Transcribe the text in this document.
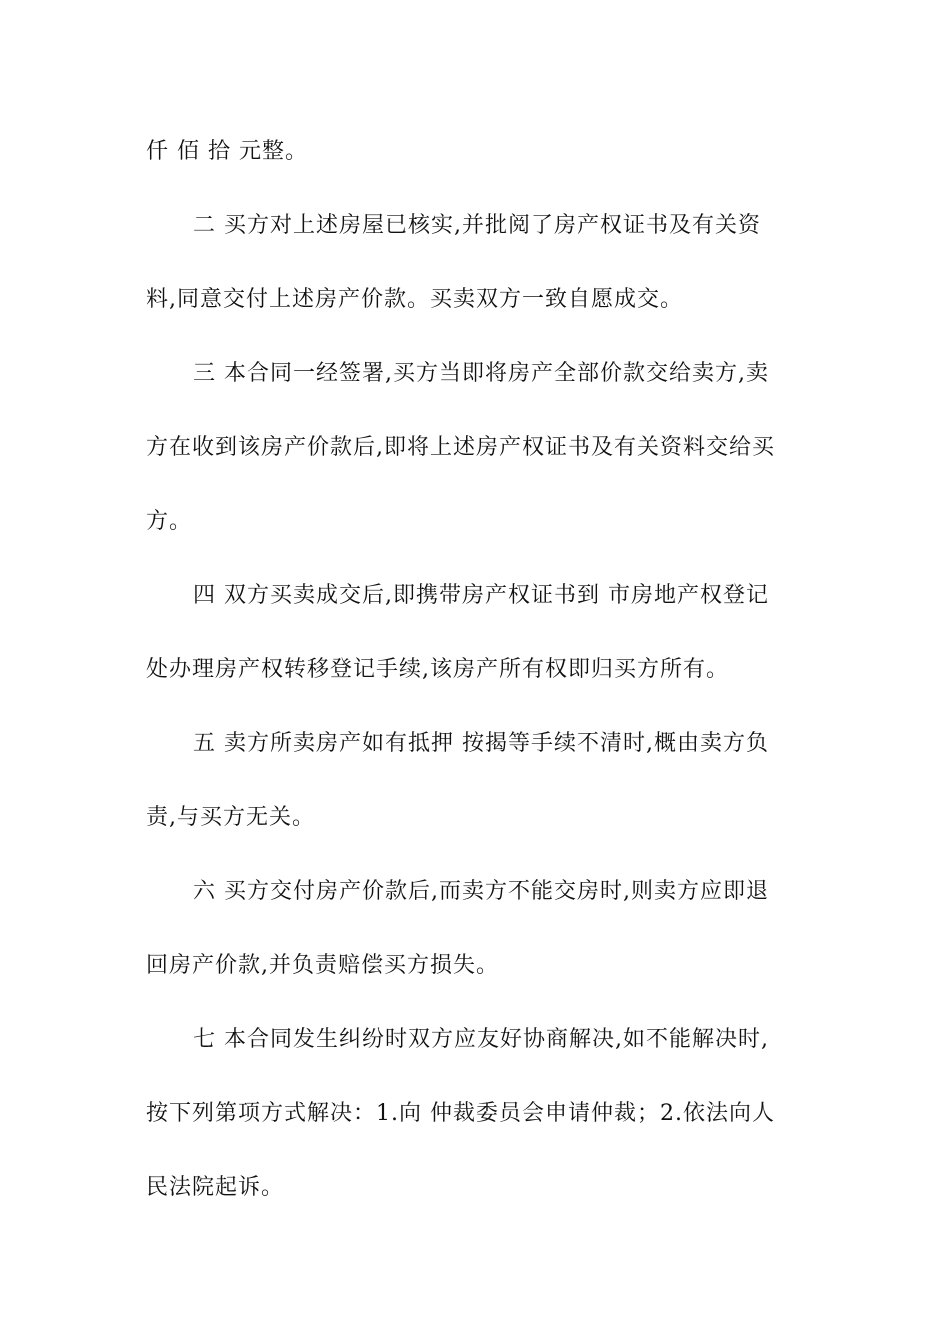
仟 佰 拾 元整。
二 买方对上述房屋已核实,并批阅了房产权证书及有关资
料,同意交付上述房产价款。买卖双方一致自愿成交。
三 本合同一经签署,买方当即将房产全部价款交给卖方,卖
方在收到该房产价款后,即将上述房产权证书及有关资料交给买
方。
四 双方买卖成交后,即携带房产权证书到 市房地产权登记
处办理房产权转移登记手续,该房产所有权即归买方所有。
五 卖方所卖房产如有抵押 按揭等手续不清时,概由卖方负
责,与买方无关。
六 买方交付房产价款后,而卖方不能交房时,则卖方应即退
回房产价款,并负责赔偿买方损失。
七 本合同发生纠纷时双方应友好协商解决,如不能解决时,
按下列第项方式解决：1.向 仲裁委员会申请仲裁；2.依法向人
民法院起诉。
